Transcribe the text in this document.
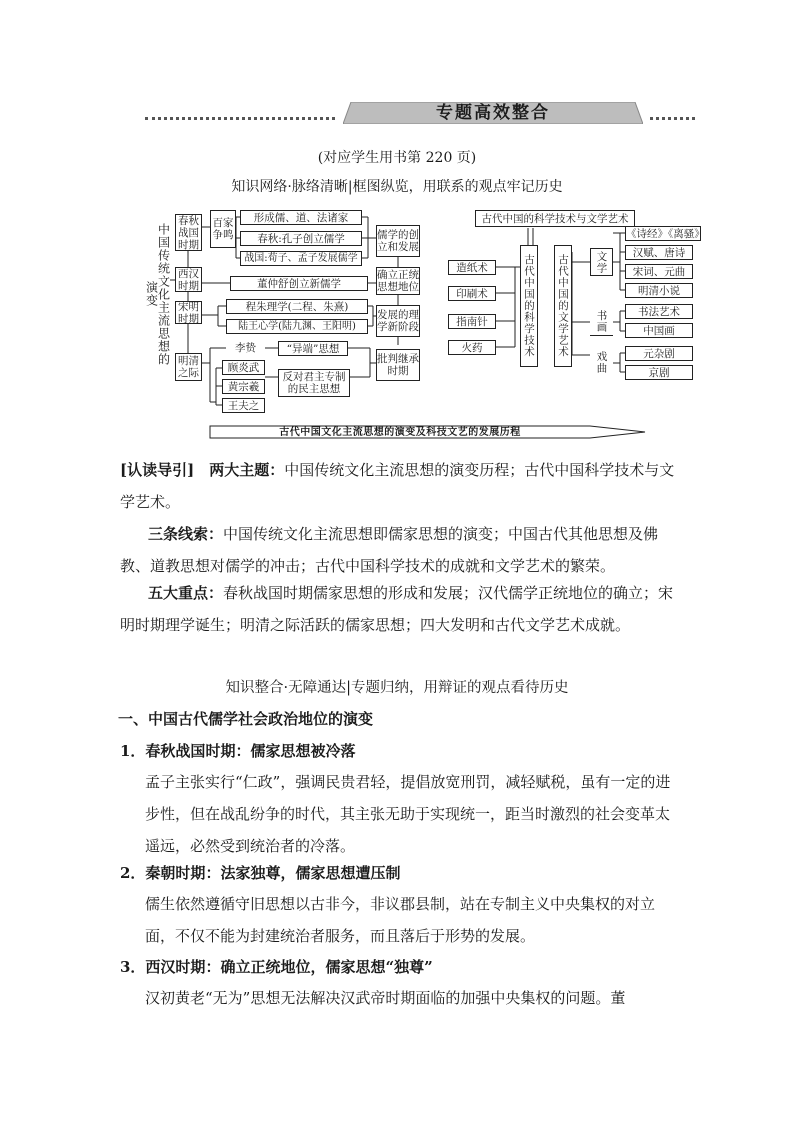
专题高效整合
(对应学生用书第 220 页)
知识网络·脉络清晰|框图纵览，用联系的观点牢记历史
中国传统文化主流思想的演变
春秋战国时期
西汉时期
宋明时期
明清之际
百家争鸣
形成儒、道、法诸家
春秋:孔子创立儒学
战国:荀子、孟子发展儒学
董仲舒创立新儒学
程朱理学(二程、朱熹)
陆王心学(陆九渊、王阳明)
李贽
顾炎武
黄宗羲
王夫之
“异端”思想
反对君主专制的民主思想
儒学的创立和发展
确立正统思想地位
发展的理学新阶段
批判继承时期
古代中国的科学技术与文学艺术
造纸术
印刷术
指南针
火药	古代中国的科学技术 古代中国的文学艺术	文学
书画
戏曲
《诗经》《离骚》
汉赋、唐诗
宋词、元曲
明清小说
书法艺术
中国画
元杂剧
京剧
古代中国文化主流思想的演变及科技文艺的发展历程
[认读导引]　 两大主题：中国传统文化主流思想的演变历程；古代中国科学技术与文学艺术。
三条线索：中国传统文化主流思想即儒家思想的演变；中国古代其他思想及佛教、道教思想对儒学的冲击；古代中国科学技术的成就和文学艺术的繁荣。
五大重点：春秋战国时期儒家思想的形成和发展；汉代儒学正统地位的确立；宋明时期理学诞生；明清之际活跃的儒家思想；四大发明和古代文学艺术成就。
知识整合·无障通达|专题归纳，用辩证的观点看待历史
一、中国古代儒学社会政治地位的演变
1．春秋战国时期：儒家思想被冷落
孟子主张实行“仁政”，强调民贵君轻，提倡放宽刑罚，减轻赋税，虽有一定的进步性，但在战乱纷争的时代，其主张无助于实现统一，距当时激烈的社会变革太遥远，必然受到统治者的冷落。
2．秦朝时期：法家独尊，儒家思想遭压制
儒生依然遵循守旧思想以古非今，非议郡县制，站在专制主义中央集权的对立面，不仅不能为封建统治者服务，而且落后于形势的发展。
3．西汉时期：确立正统地位，儒家思想“独尊”
汉初黄老“无为”思想无法解决汉武帝时期面临的加强中央集权的问题。董
